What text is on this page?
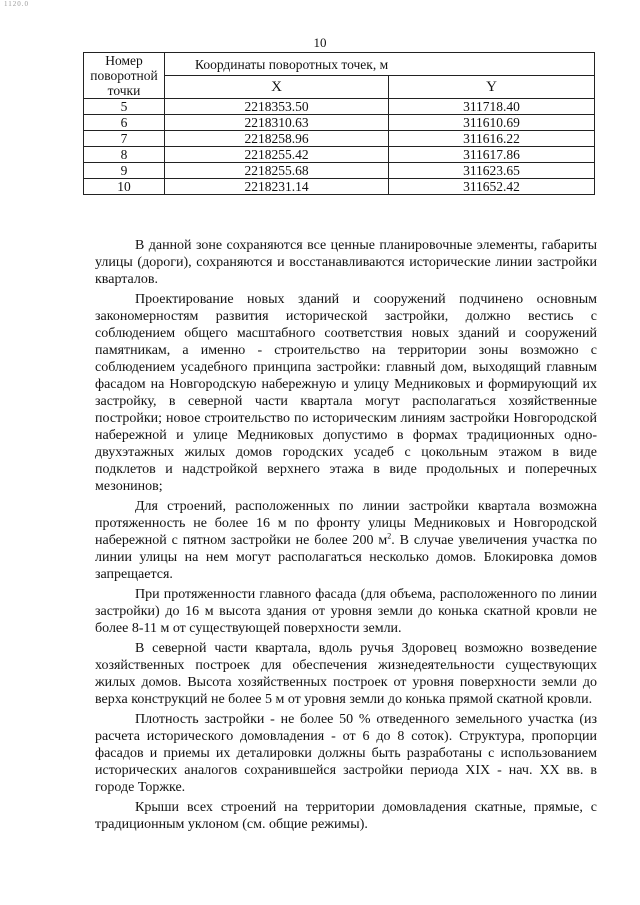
1120.0
10
Номер поворотной точки	Координаты поворотных точек, м	
	X	Y
5	2218353.50	311718.40
6	2218310.63	311610.69
7	2218258.96	311616.22
8	2218255.42	311617.86
9	2218255.68	311623.65
10	2218231.14	311652.42

В данной зоне сохраняются все ценные планировочные элементы, габариты улицы (дороги), сохраняются и восстанавливаются исторические линии застройки кварталов.

Проектирование новых зданий и сооружений подчинено основным закономерностям развития исторической застройки, должно вестись с соблюдением общего масштабного соответствия новых зданий и сооружений памятникам, а именно - строительство на территории зоны возможно с соблюдением усадебного принципа застройки: главный дом, выходящий главным фасадом на Новгородскую набережную и улицу Медниковых и формирующий их застройку, в северной части квартала могут располагаться хозяйственные постройки; новое строительство по историческим линиям застройки Новгородской набережной и улице Медниковых допустимо в формах традиционных одно-двухэтажных жилых домов городских усадеб с цокольным этажом в виде подклетов и надстройкой верхнего этажа в виде продольных и поперечных мезонинов;

Для строений, расположенных по линии застройки квартала возможна протяженность не более 16 м по фронту улицы Медниковых и Новгородской набережной с пятном застройки не более 200 $м^2$. В случае увеличения участка по линии улицы на нем могут располагаться несколько домов. Блокировка домов запрещается.

При протяженности главного фасада (для объема, расположенного по линии застройки) до 16 м высота здания от уровня земли до конька скатной кровли не более 8-11 м от существующей поверхности земли.

В северной части квартала, вдоль ручья Здоровец возможно возведение хозяйственных построек для обеспечения жизнедеятельности существующих жилых домов. Высота хозяйственных построек от уровня поверхности земли до верха конструкций не более 5 м от уровня земли до конька прямой скатной кровли.

Плотность застройки - не более 50 % отведенного земельного участка (из расчета исторического домовладения - от 6 до 8 соток). Структура, пропорции фасадов и приемы их деталировки должны быть разработаны с использованием исторических аналогов сохранившейся застройки периода XIX - нач. XX вв. в городе Торжке.

Крыши всех строений на территории домовладения скатные, прямые, с традиционным уклоном (см. общие режимы).
